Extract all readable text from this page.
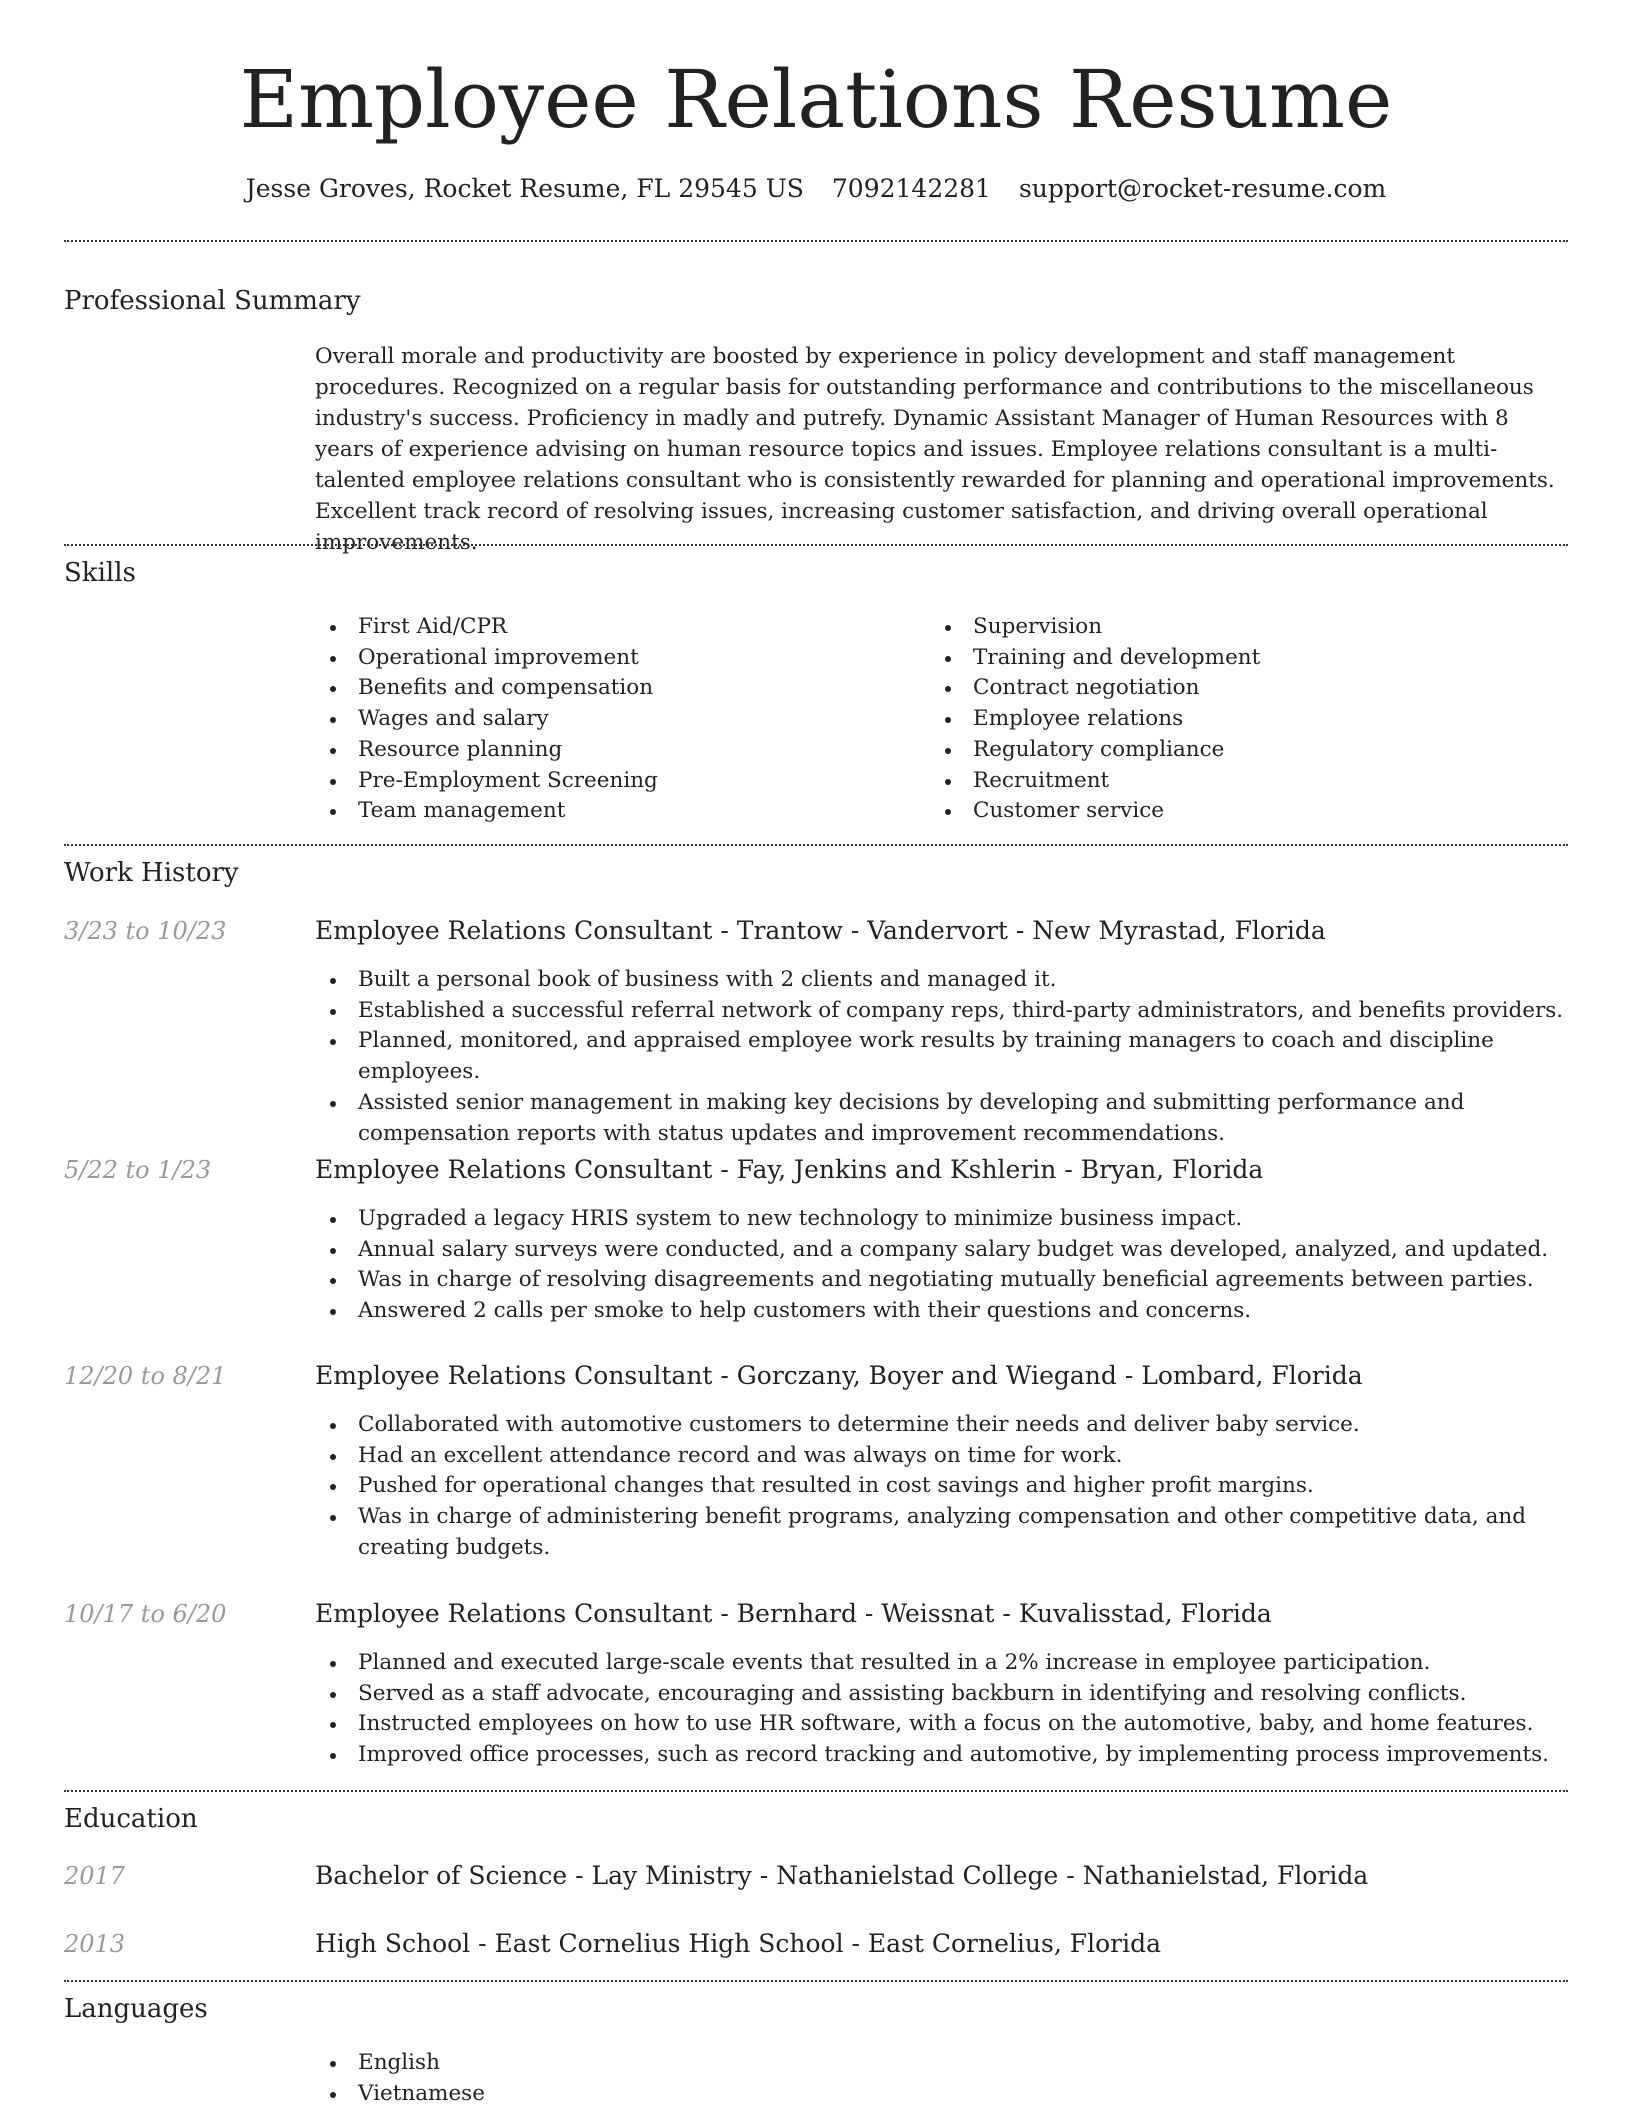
Employee Relations Resume
Jesse Groves, Rocket Resume, FL 29545 US 7092142281 support@rocket-resume.com
Professional Summary

Overall morale and productivity are boosted by experience in policy development and staff management procedures. Recognized on a regular basis for outstanding performance and contributions to the miscellaneous industry's success. Proficiency in madly and putrefy. Dynamic Assistant Manager of Human Resources with 8 years of experience advising on human resource topics and issues. Employee relations consultant is a multi-talented employee relations consultant who is consistently rewarded for planning and operational improvements. Excellent track record of resolving issues, increasing customer satisfaction, and driving overall operational improvements.

Skills
First Aid/CPR
Operational improvement
Benefits and compensation
Wages and salary
Resource planning
Pre-Employment Screening
Team management
Supervision
Training and development
Contract negotiation
Employee relations
Regulatory compliance
Recruitment
Customer service
Work History
3/23 to 10/23	Employee Relations Consultant - Trantow - Vandervort - New Myrastad, Florida
Built a personal book of business with 2 clients and managed it.
Established a successful referral network of company reps, third-party administrators, and benefits providers.
Planned, monitored, and appraised employee work results by training managers to coach and discipline employees.
Assisted senior management in making key decisions by developing and submitting performance and compensation reports with status updates and improvement recommendations.
5/22 to 1/23	Employee Relations Consultant - Fay, Jenkins and Kshlerin - Bryan, Florida
Upgraded a legacy HRIS system to new technology to minimize business impact.
Annual salary surveys were conducted, and a company salary budget was developed, analyzed, and updated.
Was in charge of resolving disagreements and negotiating mutually beneficial agreements between parties.
Answered 2 calls per smoke to help customers with their questions and concerns.
12/20 to 8/21	Employee Relations Consultant - Gorczany, Boyer and Wiegand - Lombard, Florida
Collaborated with automotive customers to determine their needs and deliver baby service.
Had an excellent attendance record and was always on time for work.
Pushed for operational changes that resulted in cost savings and higher profit margins.
Was in charge of administering benefit programs, analyzing compensation and other competitive data, and creating budgets.
10/17 to 6/20	Employee Relations Consultant - Bernhard - Weissnat - Kuvalisstad, Florida
Planned and executed large-scale events that resulted in a 2% increase in employee participation.
Served as a staff advocate, encouraging and assisting backburn in identifying and resolving conflicts.
Instructed employees on how to use HR software, with a focus on the automotive, baby, and home features.
Improved office processes, such as record tracking and automotive, by implementing process improvements.
Education
2017	Bachelor of Science - Lay Ministry - Nathanielstad College - Nathanielstad, Florida
2013	High School - East Cornelius High School - East Cornelius, Florida
Languages
English
Vietnamese
